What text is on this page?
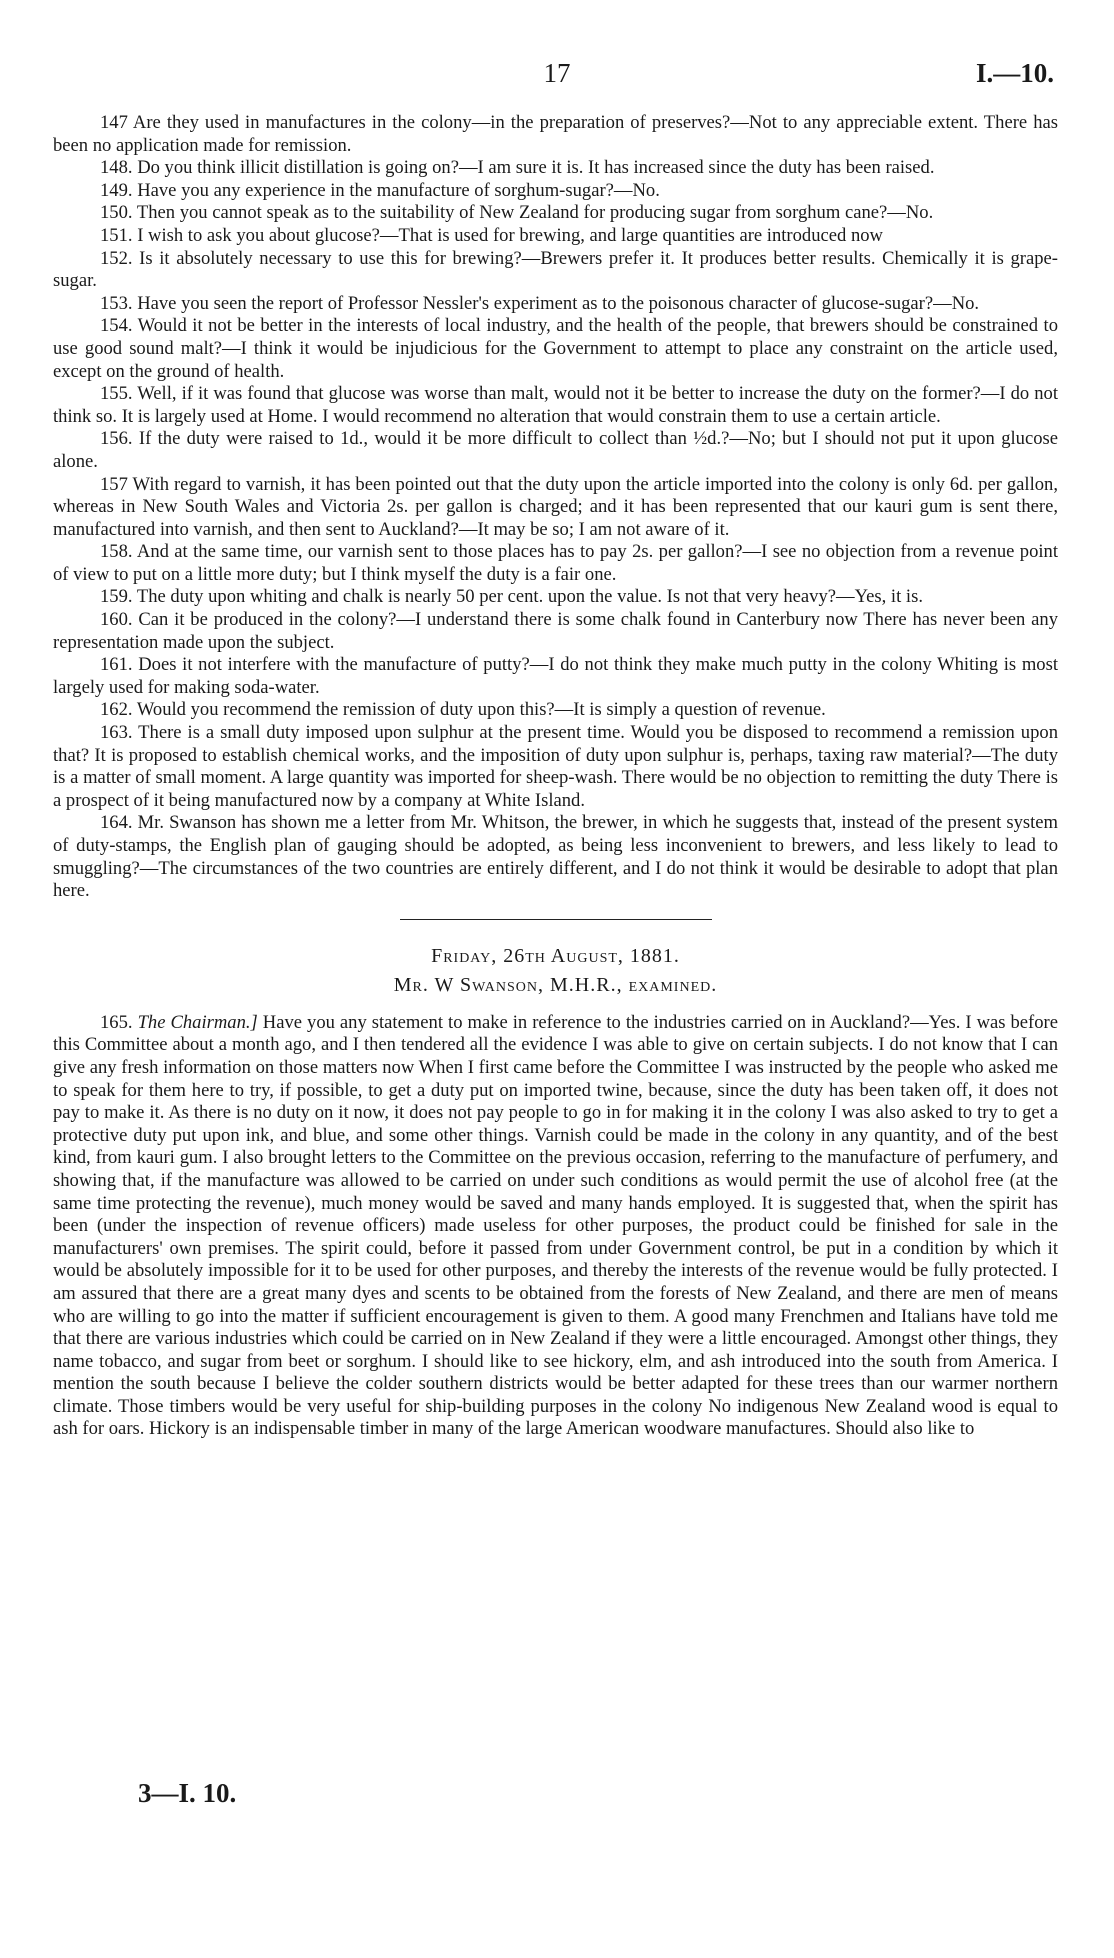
17	I.—10.

147 Are they used in manufactures in the colony—in the preparation of preserves?—Not to any appreciable extent. There has been no application made for remission.

148. Do you think illicit distillation is going on?—I am sure it is. It has increased since the duty has been raised.

149. Have you any experience in the manufacture of sorghum-sugar?—No.

150. Then you cannot speak as to the suitability of New Zealand for producing sugar from sorghum cane?—No.

151. I wish to ask you about glucose?—That is used for brewing, and large quantities are introduced now

152. Is it absolutely necessary to use this for brewing?—Brewers prefer it. It produces better results. Chemically it is grape-sugar.

153. Have you seen the report of Professor Nessler's experiment as to the poisonous character of glucose-sugar?—No.

154. Would it not be better in the interests of local industry, and the health of the people, that brewers should be constrained to use good sound malt?—I think it would be injudicious for the Government to attempt to place any constraint on the article used, except on the ground of health.

155. Well, if it was found that glucose was worse than malt, would not it be better to increase the duty on the former?—I do not think so. It is largely used at Home. I would recommend no alteration that would constrain them to use a certain article.

156. If the duty were raised to 1d., would it be more difficult to collect than ½d.?—No; but I should not put it upon glucose alone.

157 With regard to varnish, it has been pointed out that the duty upon the article imported into the colony is only 6d. per gallon, whereas in New South Wales and Victoria 2s. per gallon is charged; and it has been represented that our kauri gum is sent there, manufactured into varnish, and then sent to Auckland?—It may be so; I am not aware of it.

158. And at the same time, our varnish sent to those places has to pay 2s. per gallon?—I see no objection from a revenue point of view to put on a little more duty; but I think myself the duty is a fair one.

159. The duty upon whiting and chalk is nearly 50 per cent. upon the value. Is not that very heavy?—Yes, it is.

160. Can it be produced in the colony?—I understand there is some chalk found in Canterbury now There has never been any representation made upon the subject.

161. Does it not interfere with the manufacture of putty?—I do not think they make much putty in the colony Whiting is most largely used for making soda-water.

162. Would you recommend the remission of duty upon this?—It is simply a question of revenue.

163. There is a small duty imposed upon sulphur at the present time. Would you be disposed to recommend a remission upon that? It is proposed to establish chemical works, and the imposition of duty upon sulphur is, perhaps, taxing raw material?—The duty is a matter of small moment. A large quantity was imported for sheep-wash. There would be no objection to remitting the duty There is a prospect of it being manufactured now by a company at White Island.

164. Mr. Swanson has shown me a letter from Mr. Whitson, the brewer, in which he suggests that, instead of the present system of duty-stamps, the English plan of gauging should be adopted, as being less inconvenient to brewers, and less likely to lead to smuggling?—The circumstances of the two countries are entirely different, and I do not think it would be desirable to adopt that plan here.

Friday, 26th August, 1881.

Mr. W Swanson, M.H.R., examined.

165. The Chairman.] Have you any statement to make in reference to the industries carried on in Auckland?—Yes. I was before this Committee about a month ago, and I then tendered all the evidence I was able to give on certain subjects. I do not know that I can give any fresh information on those matters now When I first came before the Committee I was instructed by the people who asked me to speak for them here to try, if possible, to get a duty put on imported twine, because, since the duty has been taken off, it does not pay to make it. As there is no duty on it now, it does not pay people to go in for making it in the colony I was also asked to try to get a protective duty put upon ink, and blue, and some other things. Varnish could be made in the colony in any quantity, and of the best kind, from kauri gum. I also brought letters to the Committee on the previous occasion, referring to the manufacture of perfumery, and showing that, if the manufacture was allowed to be carried on under such conditions as would permit the use of alcohol free (at the same time protecting the revenue), much money would be saved and many hands employed. It is suggested that, when the spirit has been (under the inspection of revenue officers) made useless for other purposes, the product could be finished for sale in the manufacturers' own premises. The spirit could, before it passed from under Government control, be put in a condition by which it would be absolutely impossible for it to be used for other purposes, and thereby the interests of the revenue would be fully protected. I am assured that there are a great many dyes and scents to be obtained from the forests of New Zealand, and there are men of means who are willing to go into the matter if sufficient encouragement is given to them. A good many Frenchmen and Italians have told me that there are various industries which could be carried on in New Zealand if they were a little encouraged. Amongst other things, they name tobacco, and sugar from beet or sorghum. I should like to see hickory, elm, and ash introduced into the south from America. I mention the south because I believe the colder southern districts would be better adapted for these trees than our warmer northern climate. Those timbers would be very useful for ship-building purposes in the colony No indigenous New Zealand wood is equal to ash for oars. Hickory is an indispensable timber in many of the large American woodware manufactures. Should also like to

3—I. 10.
